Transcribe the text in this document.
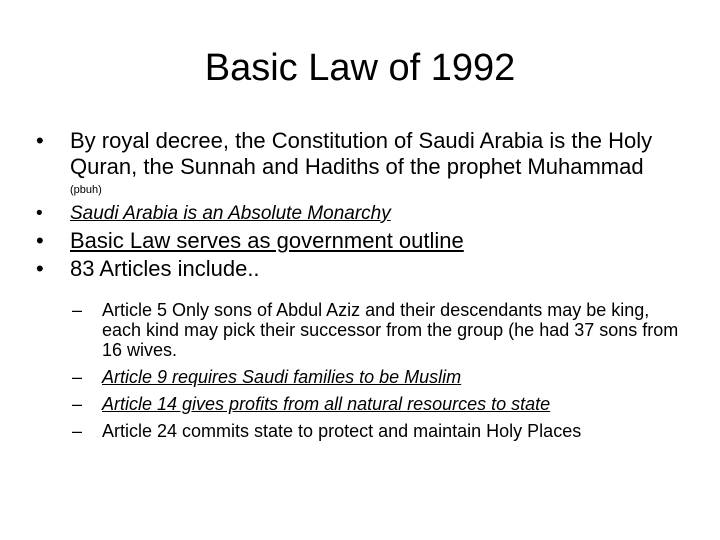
Basic Law of 1992

• By royal decree, the Constitution of Saudi Arabia is the Holy Quran, the Sunnah and Hadiths of the prophet Muhammad
(pbuh)

• Saudi Arabia is an Absolute Monarchy

• Basic Law serves as government outline

• 83 Articles include..

– Article 5 Only sons of Abdul Aziz and their descendants may be king, each kind may pick their successor from the group (he had 37 sons from 16 wives.

– Article 9 requires Saudi families to be Muslim

– Article 14 gives profits from all natural resources to state

– Article 24 commits state to protect and maintain Holy Places
